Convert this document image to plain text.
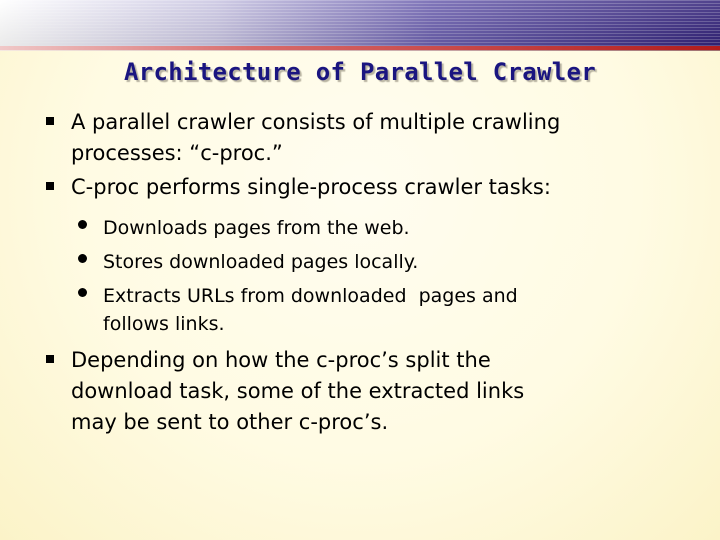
Architecture of Parallel Crawler
A parallel crawler consists of multiple crawling
processes: “c-proc.”
C-proc performs single-process crawler tasks:
Downloads pages from the web.
Stores downloaded pages locally.
Extracts URLs from downloaded  pages and
follows links.
Depending on how the c-proc’s split the
download task, some of the extracted links
may be sent to other c-proc’s.
